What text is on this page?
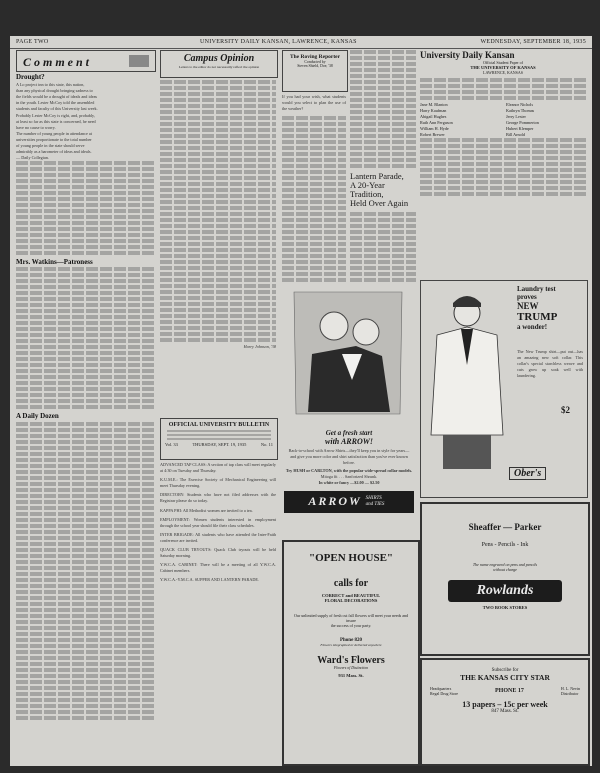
PAGE TWO	UNIVERSITY DAILY KANSAN, LAWRENCE, KANSAS	WEDNESDAY, SEPTEMBER 18, 1935
Comment
Drought?
A Lo project inn to this state, this nation,
than any physical drought bringing sadness to
the fields would be a drought of ideals and ideas
in the youth. Lester McCoy told the assembled
students and faculty of this University last week.
Probably Lester McCoy is right, and, probably,
at least so far as this state is concerned, he need
have no cause to worry.
The number of young people in attendance at
universities proportionate to the total number
of young people in the state should serve
admirably as a barometer of ideas and ideals.
— Daily Collegian.
Mrs. Watkins—Patroness
A Daily Dozen
Campus Opinion
Letters to the editor do not necessarily reflect the opinion
Harry Johnson, '38
OFFICIAL UNIVERSITY BULLETIN
Vol. 33	THURSDAY, SEPT. 19, 1935	No. 11
ADVANCED TAP CLASS: A section of tap class will meet regularly at 4:30 on Tuesday and Thursday.
K.U.M.E.: The Exercise Society of Mechanical Engineering will meet Thursday evening.
DIRECTORY: Students who have not filed addresses with the Registrar please do so today.
KAPPA PHI: All Methodist women are invited to a tea.
EMPLOYMENT: Women students interested in employment through the school year should file their class schedules.
INTER BRIGADE: All students who have attended the Inter-Faith conference are invited.
QUACK CLUB TRYOUTS: Quack Club tryouts will be held Saturday morning.
Y.W.C.A. CABINET: There will be a meeting of all Y.W.C.A. Cabinet members.
Y.W.C.A.-Y.M.C.A. SUPPER AND LANTERN PARADE.
The Roving Reporter
Conducted by
Steven Shield, Doe, '38
If you had your wish, what students would you select to plan the use of the weather?
Lantern Parade,
A 20-Year Tradition,
Held Over Again
University Daily Kansan
Official Student Paper of
THE UNIVERSITY OF KANSAS
LAWRENCE, KANSAS
Jane M. Blanton
Harry Kaufman
Abigail Hughes
Ruth Ann Ferguson
William H. Hyde
Robert Brewer
Eleanor Nichols
Kathryn Thomas
Jerry Lester
George Pommerton
Hubert Klemper
Bill Arnold
Get a fresh start
with ARROW!
Back-to-school with Arrow Shirts—they'll keep you in style for years—and give you more color and shirt satisfaction than you've ever known before.
Try HUSH or CARLTON, with the popular wide-spread collar models.
Mitoga fit . . . Sanforized Shrunk.
In white or fancy —$2.00 — $2.50
ARROW SHIRTS and TIES
Laundry test
proves
NEW
TRUMP
a wonder!
The New Trump shirt—put out—has an amazing new soft collar. This collar's special starchless weave and cuts grow up soak well with laundering.
$2
Ober's
"OPEN HOUSE"
calls for
CORRECT and BEAUTIFUL
FLORAL DECORATIONS
Our unlimited supply of fresh cut fall flowers will meet your needs and insure
the success of your party.
Phone 820
Flowers telegraphed or delivered anywhere
Ward's Flowers
Flowers of Distinction
931 Mass. St.
Sheaffer — Parker
Pens - Pencils - Ink
The name engraved on pens and pencils
without charge
Rowlands
TWO BOOK STORES
Subscribe for
THE KANSAS CITY STAR
Headquarters
Regal Drug Store	PHONE 17	H. L. Nevin
Distributor
13 papers – 15c per week
847 Mass. St.
